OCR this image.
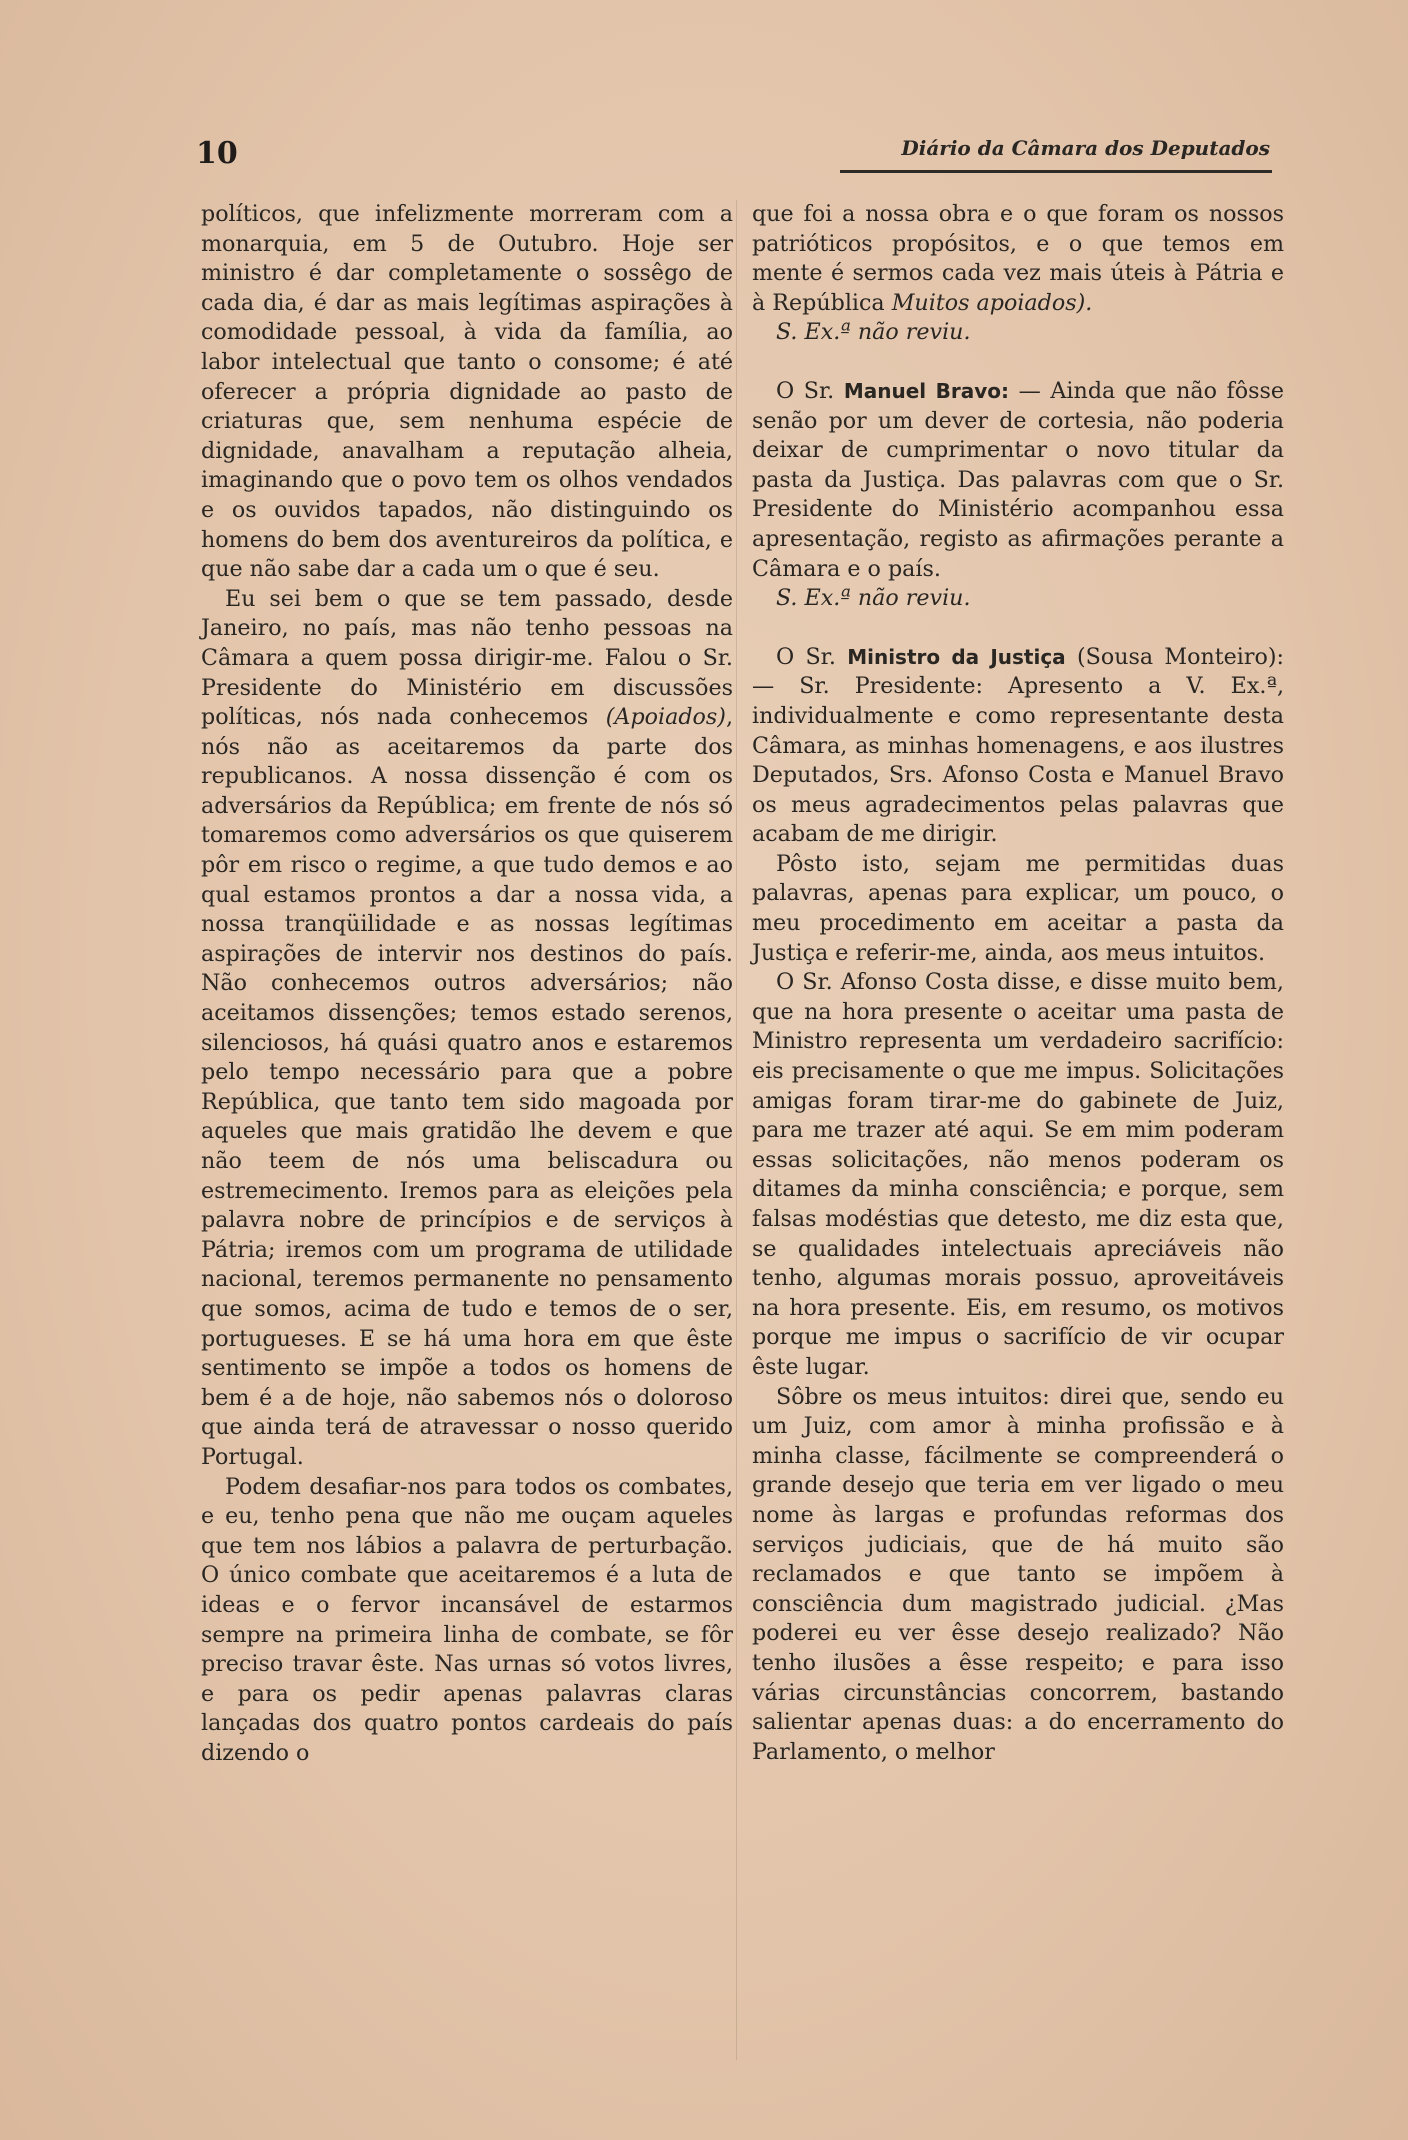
10	Diário da Câmara dos Deputados

políticos, que infelizmente morreram com a monarquia, em 5 de Outubro. Hoje ser ministro é dar completamente o sossêgo de cada dia, é dar as mais legítimas aspirações à comodidade pessoal, à vida da família, ao labor intelectual que tanto o consome; é até oferecer a própria dignidade ao pasto de criaturas que, sem nenhuma espécie de dignidade, anavalham a reputação alheia, imaginando que o povo tem os olhos vendados e os ouvidos tapados, não distinguindo os homens do bem dos aventureiros da política, e que não sabe dar a cada um o que é seu.

Eu sei bem o que se tem passado, desde Janeiro, no país, mas não tenho pessoas na Câmara a quem possa dirigir-me. Falou o Sr. Presidente do Ministério em discussões políticas, nós nada conhecemos (Apoiados), nós não as aceitaremos da parte dos republicanos. A nossa dissenção é com os adversários da República; em frente de nós só tomaremos como adversários os que quiserem pôr em risco o regime, a que tudo demos e ao qual estamos prontos a dar a nossa vida, a nossa tranqüilidade e as nossas legítimas aspirações de intervir nos destinos do país. Não conhecemos outros adversários; não aceitamos dissenções; temos estado serenos, silenciosos, há quási quatro anos e estaremos pelo tempo necessário para que a pobre República, que tanto tem sido magoada por aqueles que mais gratidão lhe devem e que não teem de nós uma beliscadura ou estremecimento. Iremos para as eleições pela palavra nobre de princípios e de serviços à Pátria; iremos com um programa de utilidade nacional, teremos permanente no pensamento que somos, acima de tudo e temos de o ser, portugueses. E se há uma hora em que êste sentimento se impõe a todos os homens de bem é a de hoje, não sabemos nós o doloroso que ainda terá de atravessar o nosso querido Portugal.

Podem desafiar-nos para todos os combates, e eu, tenho pena que não me ouçam aqueles que tem nos lábios a palavra de perturbação. O único combate que aceitaremos é a luta de ideas e o fervor incansável de estarmos sempre na primeira linha de combate, se fôr preciso travar êste. Nas urnas só votos livres, e para os pedir apenas palavras claras lançadas dos quatro pontos cardeais do país dizendo o

que foi a nossa obra e o que foram os nossos patrióticos propósitos, e o que temos em mente é sermos cada vez mais úteis à Pátria e à República Muitos apoiados).

S. Ex.ª não reviu.

O Sr. Manuel Bravo: — Ainda que não fôsse senão por um dever de cortesia, não poderia deixar de cumprimentar o novo titular da pasta da Justiça. Das palavras com que o Sr. Presidente do Ministério acompanhou essa apresentação, registo as afirmações perante a Câmara e o país.

S. Ex.ª não reviu.

O Sr. Ministro da Justiça (Sousa Monteiro): — Sr. Presidente: Apresento a V. Ex.ª, individualmente e como representante desta Câmara, as minhas homenagens, e aos ilustres Deputados, Srs. Afonso Costa e Manuel Bravo os meus agradecimentos pelas palavras que acabam de me dirigir.

Pôsto isto, sejam me permitidas duas palavras, apenas para explicar, um pouco, o meu procedimento em aceitar a pasta da Justiça e referir-me, ainda, aos meus intuitos.

O Sr. Afonso Costa disse, e disse muito bem, que na hora presente o aceitar uma pasta de Ministro representa um verdadeiro sacrifício: eis precisamente o que me impus. Solicitações amigas foram tirar-me do gabinete de Juiz, para me trazer até aqui. Se em mim poderam essas solicitações, não menos poderam os ditames da minha consciência; e porque, sem falsas modéstias que detesto, me diz esta que, se qualidades intelectuais apreciáveis não tenho, algumas morais possuo, aproveitáveis na hora presente. Eis, em resumo, os motivos porque me impus o sacrifício de vir ocupar êste lugar.

Sôbre os meus intuitos: direi que, sendo eu um Juiz, com amor à minha profissão e à minha classe, fácilmente se compreenderá o grande desejo que teria em ver ligado o meu nome às largas e profundas reformas dos serviços judiciais, que de há muito são reclamados e que tanto se impõem à consciência dum magistrado judicial. ¿Mas poderei eu ver êsse desejo realizado? Não tenho ilusões a êsse respeito; e para isso várias circunstâncias concorrem, bastando salientar apenas duas: a do encerramento do Parlamento, o melhor
